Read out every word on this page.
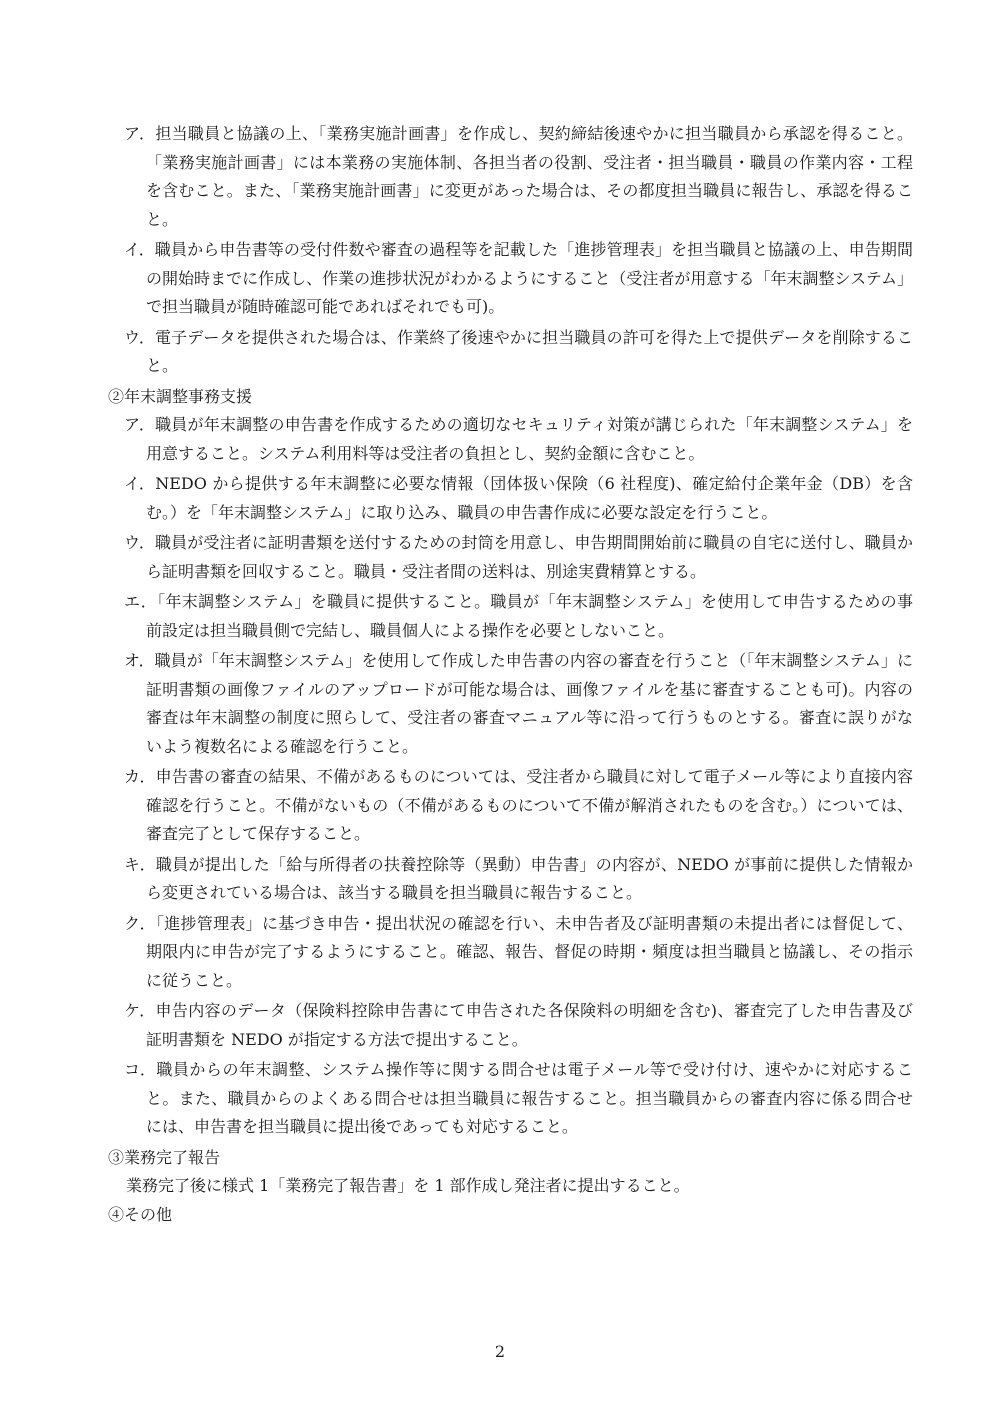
ア．担当職員と協議の上、「業務実施計画書」を作成し、契約締結後速やかに担当職員から承認を得ること。「業務実施計画書」には本業務の実施体制、各担当者の役割、受注者・担当職員・職員の作業内容・工程を含むこと。また、「業務実施計画書」に変更があった場合は、その都度担当職員に報告し、承認を得ること。
イ．職員から申告書等の受付件数や審査の過程等を記載した「進捗管理表」を担当職員と協議の上、申告期間の開始時までに作成し、作業の進捗状況がわかるようにすること（受注者が用意する「年末調整システム」で担当職員が随時確認可能であればそれでも可)。
ウ．電子データを提供された場合は、作業終了後速やかに担当職員の許可を得た上で提供データを削除すること。
②年末調整事務支援
ア．職員が年末調整の申告書を作成するための適切なセキュリティ対策が講じられた「年末調整システム」を用意すること。システム利用料等は受注者の負担とし、契約金額に含むこと。
イ．NEDO から提供する年末調整に必要な情報（団体扱い保険（6 社程度)、確定給付企業年金（DB）を含む。）を「年末調整システム」に取り込み、職員の申告書作成に必要な設定を行うこと。
ウ．職員が受注者に証明書類を送付するための封筒を用意し、申告期間開始前に職員の自宅に送付し、職員から証明書類を回収すること。職員・受注者間の送料は、別途実費精算とする。
エ．「年末調整システム」を職員に提供すること。職員が「年末調整システム」を使用して申告するための事前設定は担当職員側で完結し、職員個人による操作を必要としないこと。
オ．職員が「年末調整システム」を使用して作成した申告書の内容の審査を行うこと（「年末調整システム」に証明書類の画像ファイルのアップロードが可能な場合は、画像ファイルを基に審査することも可)。内容の審査は年末調整の制度に照らして、受注者の審査マニュアル等に沿って行うものとする。審査に誤りがないよう複数名による確認を行うこと。
カ．申告書の審査の結果、不備があるものについては、受注者から職員に対して電子メール等により直接内容確認を行うこと。不備がないもの（不備があるものについて不備が解消されたものを含む。）については、審査完了として保存すること。
キ．職員が提出した「給与所得者の扶養控除等（異動）申告書」の内容が、NEDO が事前に提供した情報から変更されている場合は、該当する職員を担当職員に報告すること。
ク．「進捗管理表」に基づき申告・提出状況の確認を行い、未申告者及び証明書類の未提出者には督促して、期限内に申告が完了するようにすること。確認、報告、督促の時期・頻度は担当職員と協議し、その指示に従うこと。
ケ．申告内容のデータ（保険料控除申告書にて申告された各保険料の明細を含む)、審査完了した申告書及び証明書類を NEDO が指定する方法で提出すること。
コ．職員からの年末調整、システム操作等に関する問合せは電子メール等で受け付け、速やかに対応すること。また、職員からのよくある問合せは担当職員に報告すること。担当職員からの審査内容に係る問合せには、申告書を担当職員に提出後であっても対応すること。
③業務完了報告
業務完了後に様式 1「業務完了報告書」を 1 部作成し発注者に提出すること。
④その他
2
